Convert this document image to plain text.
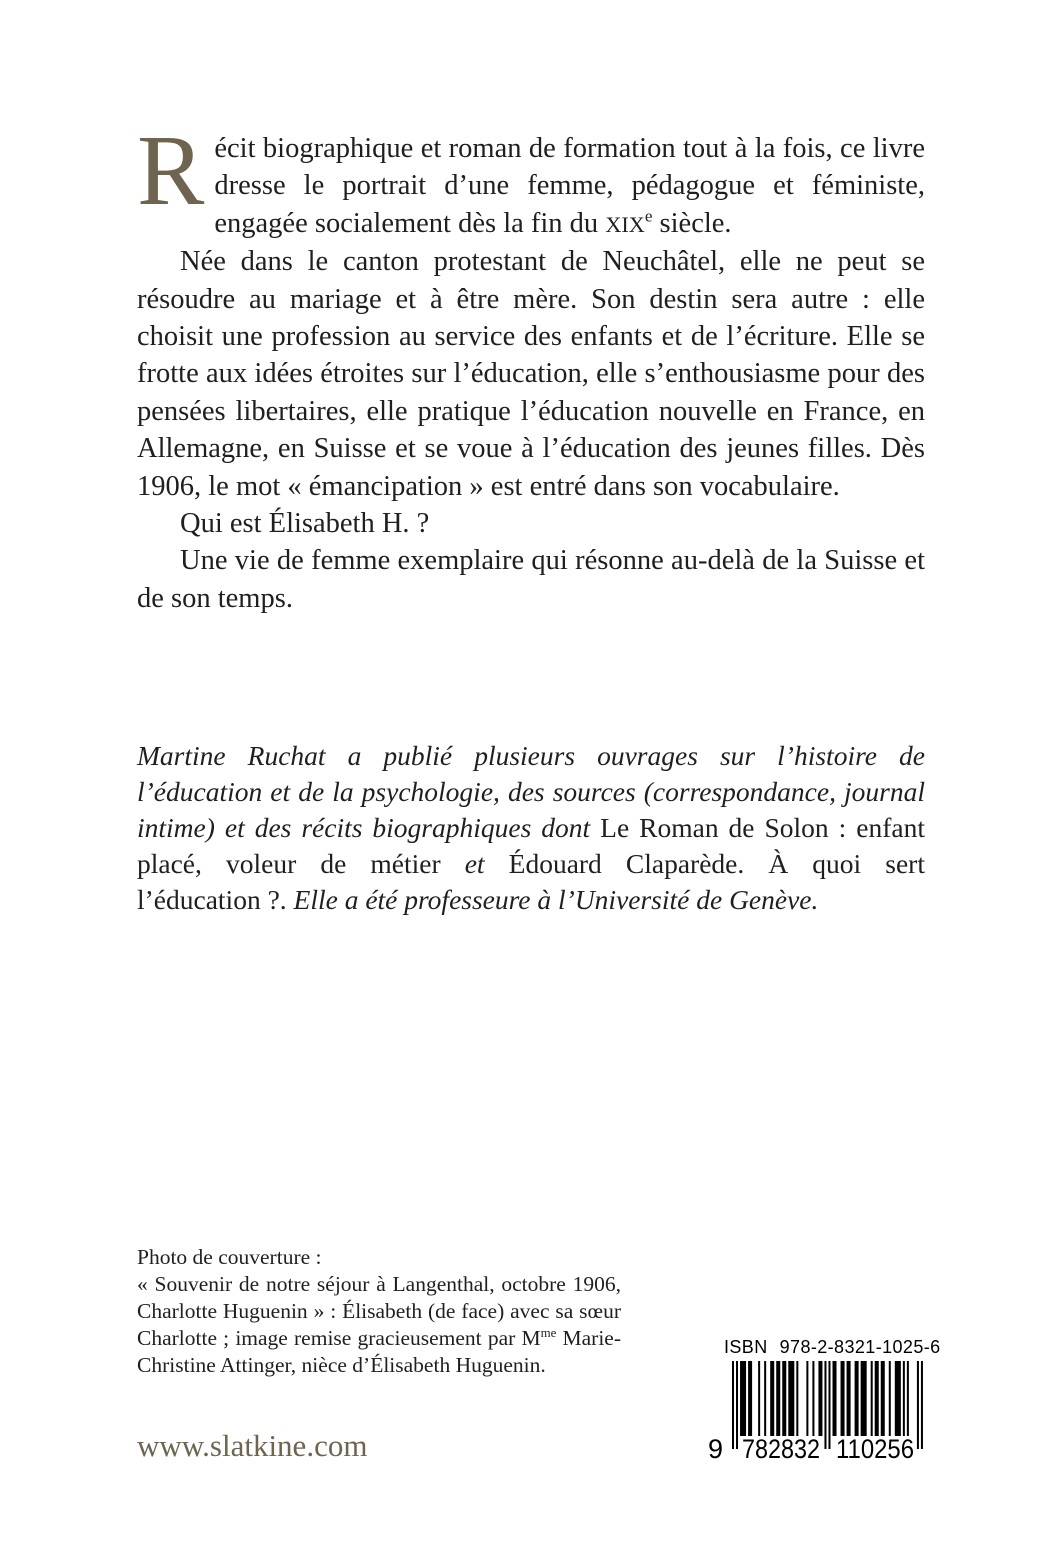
Récit biographique et roman de formation tout à la fois, ce livre dresse le portrait d’une femme, pédagogue et féministe, engagée socialement dès la fin du XIXe siècle.

Née dans le canton protestant de Neuchâtel, elle ne peut se résoudre au mariage et à être mère. Son destin sera autre : elle choisit une profession au service des enfants et de l’écriture. Elle se frotte aux idées étroites sur l’éducation, elle s’enthousiasme pour des pensées libertaires, elle pratique l’éducation nouvelle en France, en Allemagne, en Suisse et se voue à l’éducation des jeunes filles. Dès 1906, le mot « émancipation » est entré dans son vocabulaire.

Qui est Élisabeth H. ?

Une vie de femme exemplaire qui résonne au-delà de la Suisse et de son temps.

Martine Ruchat a publié plusieurs ouvrages sur l’histoire de l’éducation et de la psychologie, des sources (correspondance, journal intime) et des récits biographiques dont Le Roman de Solon : enfant placé, voleur de métier et Édouard Claparède. À quoi sert l’éducation ?. Elle a été professeure à l’Université de Genève.

Photo de couverture :

« Souvenir de notre séjour à Langenthal, octobre 1906, Charlotte Huguenin » : Élisabeth (de face) avec sa sœur Charlotte ; image remise gracieusement par $M^{me}$ Marie-Christine Attinger, nièce d’Élisabeth Huguenin.

www.slatkine.com
ISBN 978-2-8321-1025-6
9 782832 110256
